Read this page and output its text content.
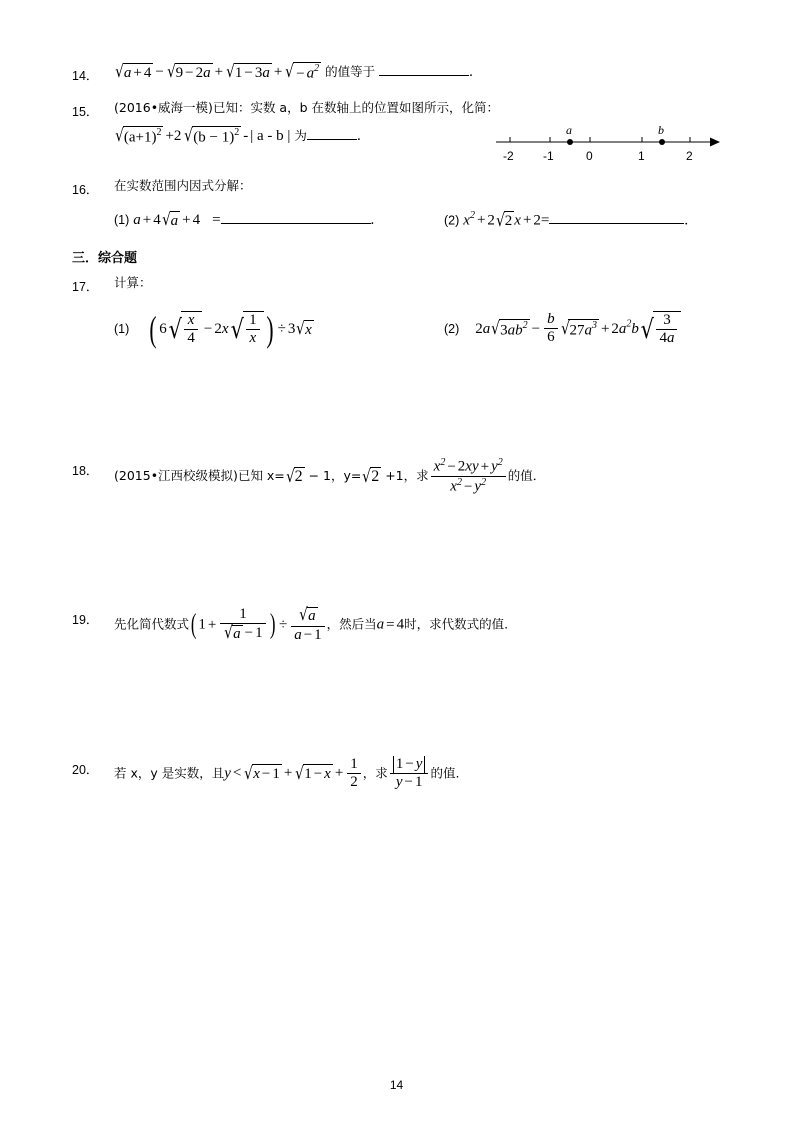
14． √a + 4 − √9 − 2a + √1 − 3a + √ − $a^2$ 的值等于	.
15．	(2016•威海一模)已知：实数 a，b 在数轴上的位置如图所示，化简：
$√(a+1)^2 +2$ $√(b - 1)^2$ - | a - b | 为	.	a	b
-2 -1	0	1	2
16．	在实数范围内因式分解：
(1) a + 4√a + 4 =	.	(2) $x^2 + 2√2$ x + 2=	.
三．综合题
17．	计算：
(1) ( $6√ \frac{x}{4} - 2x√ \frac{1}{x}$ ) ÷ 3√x	(2) $2a√3ab^2 - \frac{b}{6} √27a^3 + 2a^2b√ \frac{3}{4a}$
18．	(2015•江西校级模拟)已知 x=√2 − 1，y=√2 +1，求 $\frac{x^2 - 2xy + y^2}{x^2 - y^2}$ 的值．
19．	先化简代数式( $1 + \frac{1}{√a - 1}$ ) ÷ $\frac{√a}{a - 1}$ ，然后当a = 4时，求代数式的值.
20．	若 x，y 是实数，且$y < √x - 1 + √1 - x + \frac{1}{2}$ ，求 $\frac{1 - y}{y - 1}$ 的值.
14
